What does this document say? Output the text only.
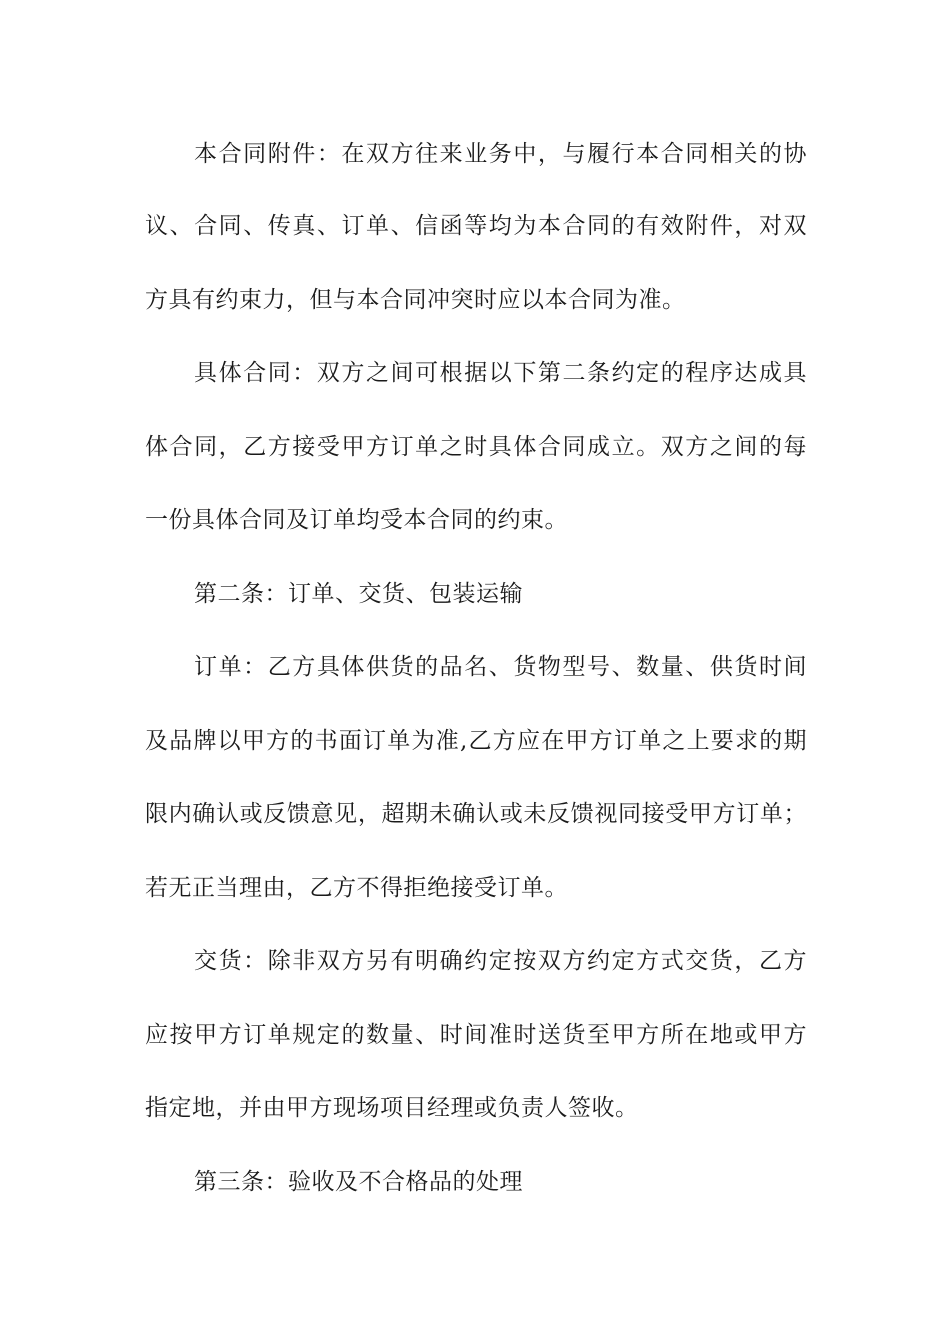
本合同附件：在双方往来业务中，与履行本合同相关的协
议、合同、传真、订单、信函等均为本合同的有效附件，对双
方具有约束力，但与本合同冲突时应以本合同为准。
具体合同：双方之间可根据以下第二条约定的程序达成具
体合同，乙方接受甲方订单之时具体合同成立。双方之间的每
一份具体合同及订单均受本合同的约束。
第二条：订单、交货、包装运输
订单：乙方具体供货的品名、货物型号、数量、供货时间
及品牌以甲方的书面订单为准,乙方应在甲方订单之上要求的期
限内确认或反馈意见，超期未确认或未反馈视同接受甲方订单；
若无正当理由，乙方不得拒绝接受订单。
交货：除非双方另有明确约定按双方约定方式交货，乙方
应按甲方订单规定的数量、时间准时送货至甲方所在地或甲方
指定地，并由甲方现场项目经理或负责人签收。
第三条：验收及不合格品的处理
